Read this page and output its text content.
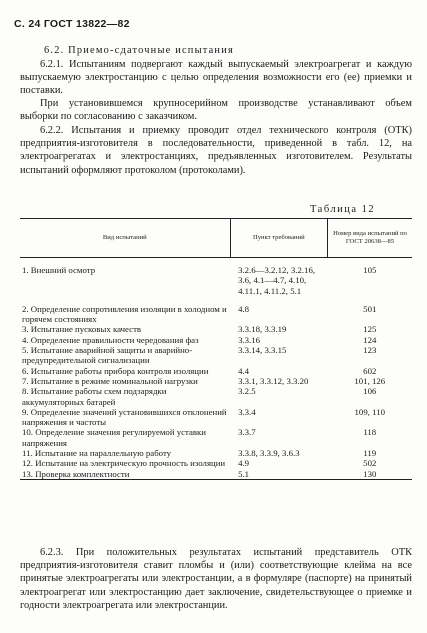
С. 24 ГОСТ 13822—82

6.2. Приемо-сдаточные испытания

6.2.1. Испытаниям подвергают каждый выпускаемый электроагрегат и каждую выпускаемую электростанцию с целью определения возможности его (ее) приемки и поставки.

При установившемся крупносерийном производстве устанавливают объем выборки по согласованию с заказчиком.

6.2.2. Испытания и приемку проводит отдел технического контроля (ОТК) предприятия-изготовителя в последовательности, приведенной в табл. 12, на электроагрегатах и электростанциях, предъявленных изготовителем. Результаты испытаний оформляют протоколом (протоколами).

Таблица 12
Вид испытаний	Пункт требований	Номер вида испытаний по ГОСТ 20638—85

1. Внешний осмотр	3.2.6—3.2.12, 3.2.16, 3.6, 4.1—4.7, 4.10, 4.11.1, 4.11.2, 5.1	105
2. Определение сопротивления изоляции в холодном и горячем состояниях	4.8	501
3. Испытание пусковых качеств	3.3.18, 3.3.19	125
4. Определение правильности чередования фаз	3.3.16	124
5. Испытание аварийной защиты и аварийно-предупредительной сигнализации	3.3.14, 3.3.15	123
6. Испытание работы прибора контроля изоляции	4.4	602
7. Испытание в режиме номинальной нагрузки	3.3.1, 3.3.12, 3.3.20	101, 126
8. Испытание работы схем подзарядки аккумуляторных батарей	3.2.5	106
9. Определение значений установившихся отклонений напряжения и частоты	3.3.4	109, 110
10. Определение значения регулируемой уставки напряжения	3.3.7	118
11. Испытание на параллельную работу	3.3.8, 3.3.9, 3.6.3	119
12. Испытание на электрическую прочность изоляции	4.9	502
13. Проверка комплектности	5.1	130

6.2.3. При положительных результатах испытаний представитель ОТК предприятия-изготовителя ставит пломбы и (или) соответствующие клейма на все принятые электроагрегаты или электростанции, а в формуляре (паспорте) на принятый электроагрегат или электростанцию дает заключение, свидетельствующее о приемке и годности электроагрегата или электростанции.
